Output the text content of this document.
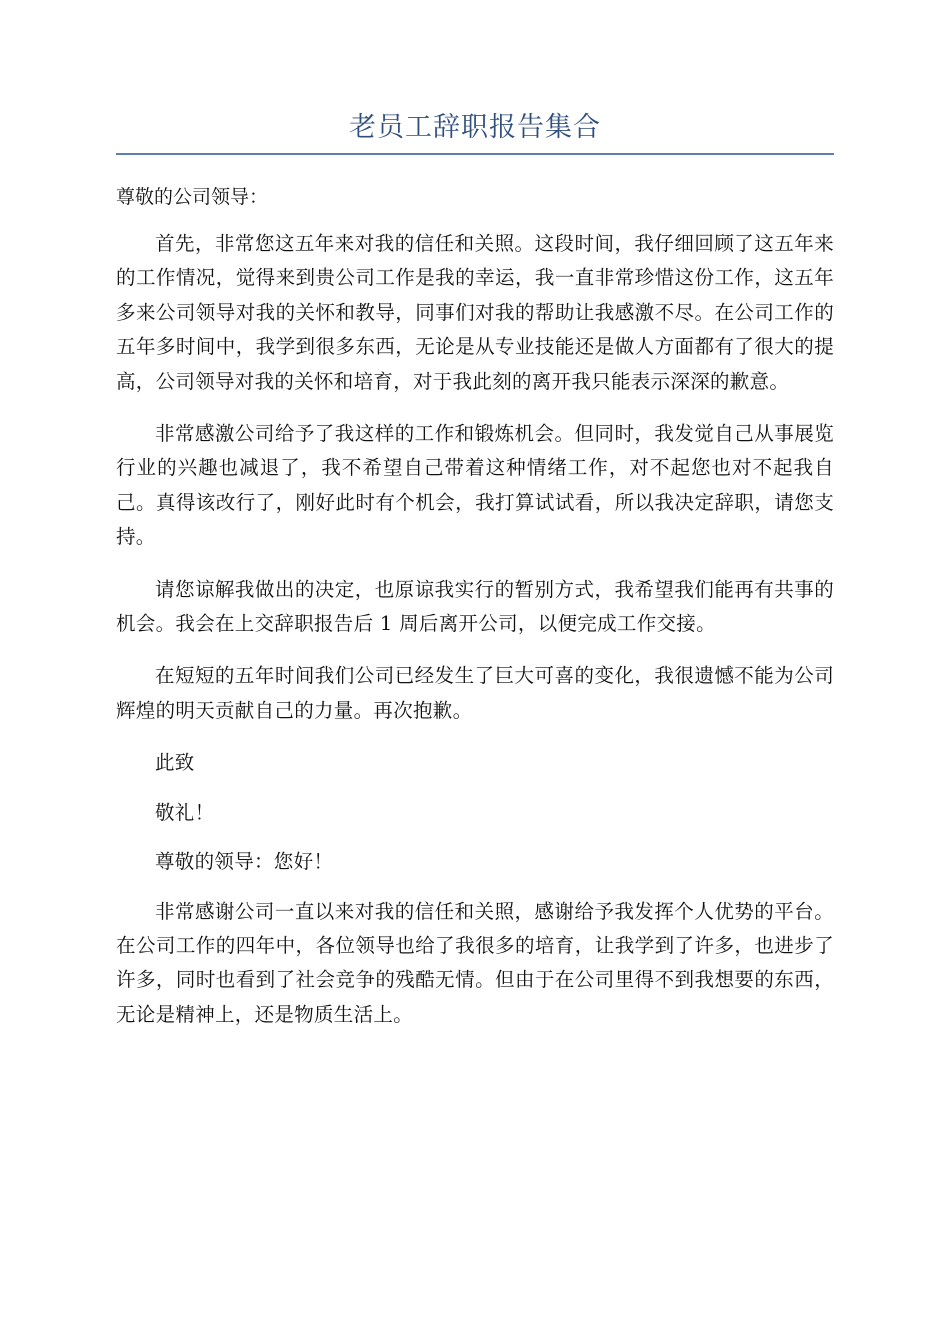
老员工辞职报告集合

尊敬的公司领导：

首先，非常您这五年来对我的信任和关照。这段时间，我仔细回顾了这五年来的工作情况，觉得来到贵公司工作是我的幸运，我一直非常珍惜这份工作，这五年多来公司领导对我的关怀和教导，同事们对我的帮助让我感激不尽。在公司工作的五年多时间中，我学到很多东西，无论是从专业技能还是做人方面都有了很大的提高，公司领导对我的关怀和培育，对于我此刻的离开我只能表示深深的歉意。

非常感激公司给予了我这样的工作和锻炼机会。但同时，我发觉自己从事展览行业的兴趣也减退了，我不希望自己带着这种情绪工作，对不起您也对不起我自己。真得该改行了，刚好此时有个机会，我打算试试看，所以我决定辞职，请您支持。

请您谅解我做出的决定，也原谅我实行的暂别方式，我希望我们能再有共事的机会。我会在上交辞职报告后 1 周后离开公司，以便完成工作交接。

在短短的五年时间我们公司已经发生了巨大可喜的变化，我很遗憾不能为公司辉煌的明天贡献自己的力量。再次抱歉。

此致

敬礼！

尊敬的领导：您好！

非常感谢公司一直以来对我的信任和关照，感谢给予我发挥个人优势的平台。在公司工作的四年中，各位领导也给了我很多的培育，让我学到了许多，也进步了许多，同时也看到了社会竞争的残酷无情。但由于在公司里得不到我想要的东西，无论是精神上，还是物质生活上。
